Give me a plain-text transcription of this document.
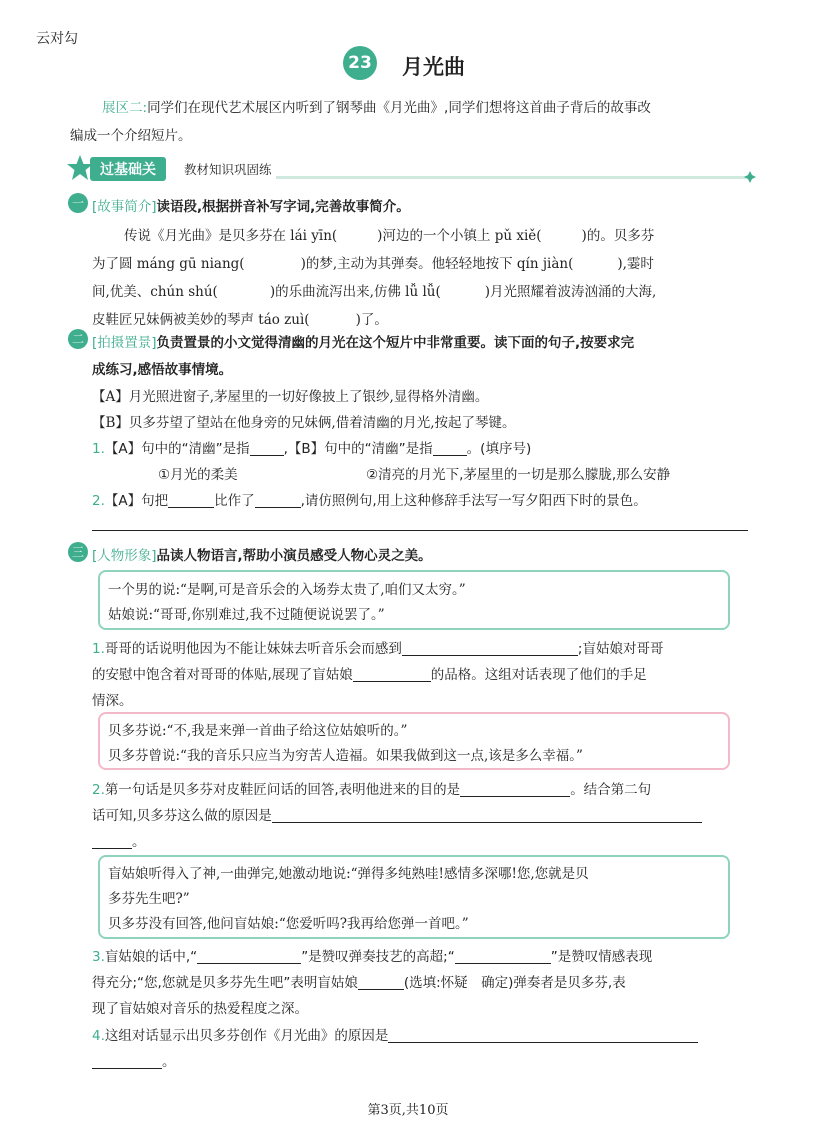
云对勾
23 月光曲
展区二:同学们在现代艺术展区内听到了钢琴曲《月光曲》,同学们想将这首曲子背后的故事改
编成一个介绍短片。
过基础关	教材知识巩固练
一 [故事简介]读语段,根据拼音补写字词,完善故事简介。
传说《月光曲》是贝多芬在 lái yīn(	)河边的一个小镇上 pǔ xiě(	)的。贝多芬
为了圆 máng gū niang(	)的梦,主动为其弹奏。他轻轻地按下 qín jiàn(	),霎时
间,优美、chún shú(	)的乐曲流泻出来,仿佛 lǚ lǚ(	)月光照耀着波涛汹涌的大海,
皮鞋匠兄妹俩被美妙的琴声 táo zuì(	)了。
二 [拍摄置景]负责置景的小文觉得清幽的月光在这个短片中非常重要。读下面的句子,按要求完
成练习,感悟故事情境。
【A】月光照进窗子,茅屋里的一切好像披上了银纱,显得格外清幽。
【B】贝多芬望了望站在他身旁的兄妹俩,借着清幽的月光,按起了琴键。
1.【A】句中的“清幽”是指	,【B】句中的“清幽”是指	。(填序号)
①月光的柔美	②清亮的月光下,茅屋里的一切是那么朦胧,那么安静
2.【A】句把	比作了	,请仿照例句,用上这种修辞手法写一写夕阳西下时的景色。
三 [人物形象]品读人物语言,帮助小演员感受人物心灵之美。
一个男的说:“是啊,可是音乐会的入场券太贵了,咱们又太穷。”
姑娘说:“哥哥,你别难过,我不过随便说说罢了。”
1.哥哥的话说明他因为不能让妹妹去听音乐会而感到	;盲姑娘对哥哥
的安慰中饱含着对哥哥的体贴,展现了盲姑娘	的品格。这组对话表现了他们的手足
情深。
贝多芬说:“不,我是来弹一首曲子给这位姑娘听的。”
贝多芬曾说:“我的音乐只应当为穷苦人造福。如果我做到这一点,该是多么幸福。”
2.第一句话是贝多芬对皮鞋匠问话的回答,表明他进来的目的是	。结合第二句
话可知,贝多芬这么做的原因是
。
盲姑娘听得入了神,一曲弹完,她激动地说:“弹得多纯熟哇!感情多深哪!您,您就是贝
多芬先生吧?”
贝多芬没有回答,他问盲姑娘:“您爱听吗?我再给您弹一首吧。”
3.盲姑娘的话中,“	”是赞叹弹奏技艺的高超;“	”是赞叹情感表现
得充分;“您,您就是贝多芬先生吧”表明盲姑娘	(选填:怀疑　确定)弹奏者是贝多芬,表
现了盲姑娘对音乐的热爱程度之深。
4.这组对话显示出贝多芬创作《月光曲》的原因是
。
第3页,共10页
